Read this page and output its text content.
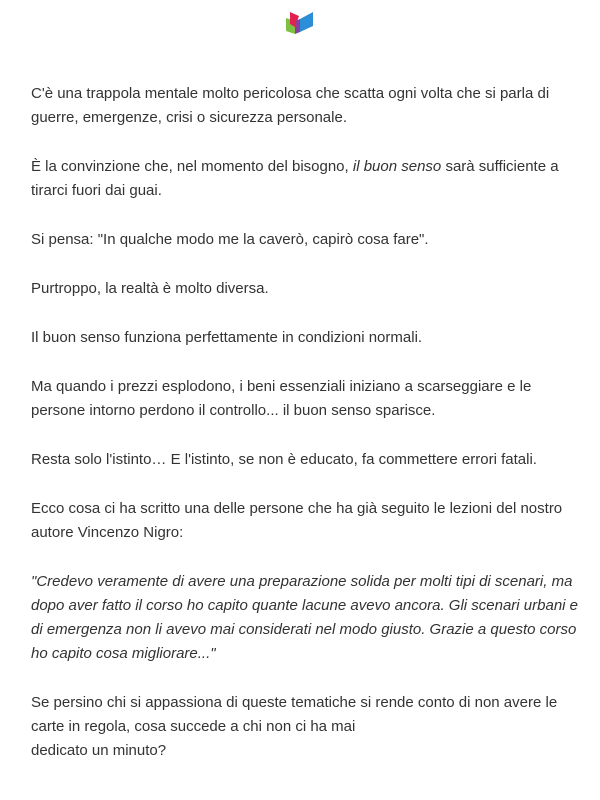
C'è una trappola mentale molto pericolosa che scatta ogni volta che si parla di guerre, emergenze, crisi o sicurezza personale.

È la convinzione che, nel momento del bisogno, il buon senso sarà sufficiente a tirarci fuori dai guai.

Si pensa: "In qualche modo me la caverò, capirò cosa fare".

Purtroppo, la realtà è molto diversa.

Il buon senso funziona perfettamente in condizioni normali.

Ma quando i prezzi esplodono, i beni essenziali iniziano a scarseggiare e le persone intorno perdono il controllo... il buon senso sparisce.

Resta solo l'istinto… E l'istinto, se non è educato, fa commettere errori fatali.

Ecco cosa ci ha scritto una delle persone che ha già seguito le lezioni del nostro autore Vincenzo Nigro:

"Credevo veramente di avere una preparazione solida per molti tipi di scenari, ma dopo aver fatto il corso ho capito quante lacune avevo ancora. Gli scenari urbani e di emergenza non li avevo mai considerati nel modo giusto. Grazie a questo corso ho capito cosa migliorare..."

Se persino chi si appassiona di queste tematiche si rende conto di non avere le carte in regola, cosa succede a chi non ci ha mai
dedicato un minuto?
